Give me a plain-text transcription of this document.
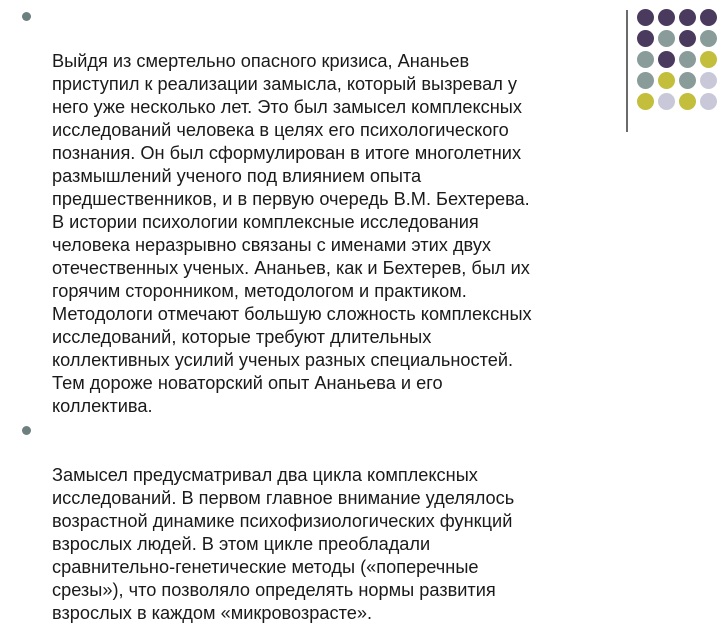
Выйдя из смертельно опасного кризиса, Ананьев
приступил к реализации замысла, который вызревал у
него уже несколько лет. Это был замысел комплексных
исследований человека в целях его психологического
познания. Он был сформулирован в итоге многолетних
размышлений ученого под влиянием опыта
предшественников, и в первую очередь В.М. Бехтерева.
В истории психологии комплексные исследования
человека неразрывно связаны с именами этих двух
отечественных ученых. Ананьев, как и Бехтерев, был их
горячим сторонником, методологом и практиком.
Методологи отмечают большую сложность комплексных
исследований, которые требуют длительных
коллективных усилий ученых разных специальностей.
Тем дороже новаторский опыт Ананьева и его
коллектива.

Замысел предусматривал два цикла комплексных
исследований. В первом главное внимание уделялось
возрастной динамике психофизиологических функций
взрослых людей. В этом цикле преобладали
сравнительно-генетические методы («поперечные
срезы»), что позволяло определять нормы развития
взрослых в каждом «микровозрасте».
